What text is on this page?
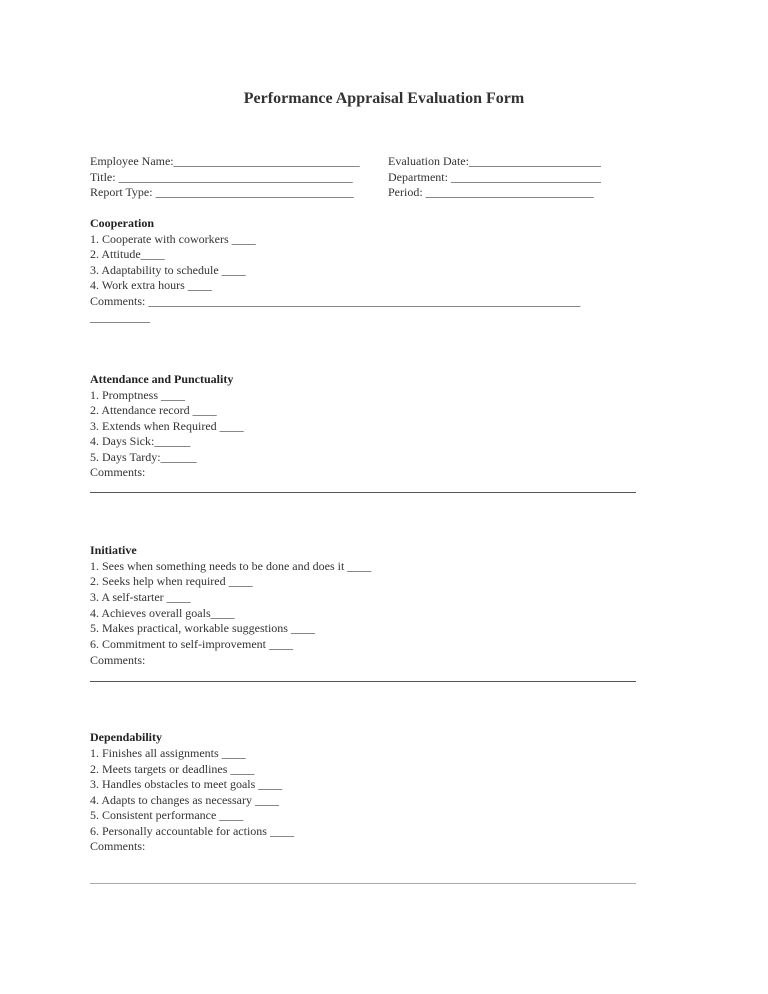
Performance Appraisal Evaluation Form
Employee Name:_______________________________ Evaluation Date:______________________
Title: _______________________________________	Department: _________________________
Report Type: _________________________________	Period: ____________________________
Cooperation
1. Cooperate with coworkers ____
2. Attitude____
3. Adaptability to schedule ____
4. Work extra hours ____
Comments: ________________________________________________________________________
__________
Attendance and Punctuality
1. Promptness ____
2. Attendance record ____
3. Extends when Required ____
4. Days Sick:______
5. Days Tardy:______
Comments:
Initiative
1. Sees when something needs to be done and does it ____
2. Seeks help when required ____
3. A self-starter ____
4. Achieves overall goals____
5. Makes practical, workable suggestions ____
6. Commitment to self-improvement ____
Comments:
Dependability
1. Finishes all assignments ____
2. Meets targets or deadlines ____
3. Handles obstacles to meet goals ____
4. Adapts to changes as necessary ____
5. Consistent performance ____
6. Personally accountable for actions ____
Comments:
